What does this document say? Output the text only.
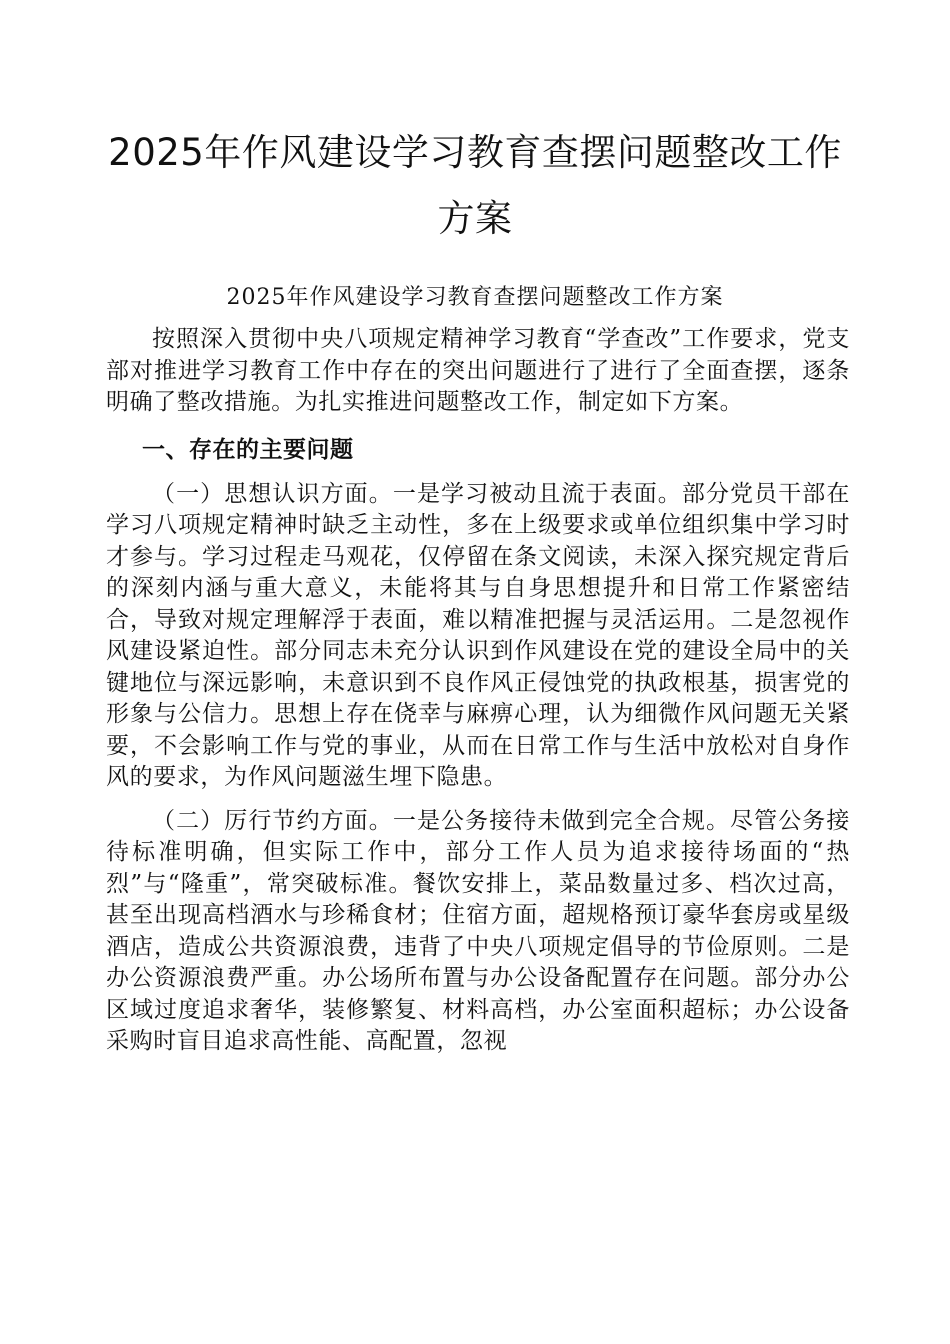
2025年作风建设学习教育查摆问题整改工作方案

2025年作风建设学习教育查摆问题整改工作方案

按照深入贯彻中央八项规定精神学习教育“学查改”工作要求，党支部对推进学习教育工作中存在的突出问题进行了进行了全面查摆，逐条明确了整改措施。为扎实推进问题整改工作，制定如下方案。

一、存在的主要问题

（一）思想认识方面。一是学习被动且流于表面。部分党员干部在学习八项规定精神时缺乏主动性，多在上级要求或单位组织集中学习时才参与。学习过程走马观花，仅停留在条文阅读，未深入探究规定背后的深刻内涵与重大意义，未能将其与自身思想提升和日常工作紧密结合，导致对规定理解浮于表面，难以精准把握与灵活运用。二是忽视作风建设紧迫性。部分同志未充分认识到作风建设在党的建设全局中的关键地位与深远影响，未意识到不良作风正侵蚀党的执政根基，损害党的形象与公信力。思想上存在侥幸与麻痹心理，认为细微作风问题无关紧要，不会影响工作与党的事业，从而在日常工作与生活中放松对自身作风的要求，为作风问题滋生埋下隐患。

（二）厉行节约方面。一是公务接待未做到完全合规。尽管公务接待标准明确，但实际工作中，部分工作人员为追求接待场面的“热烈”与“隆重”，常突破标准。餐饮安排上，菜品数量过多、档次过高，甚至出现高档酒水与珍稀食材；住宿方面，超规格预订豪华套房或星级酒店，造成公共资源浪费，违背了中央八项规定倡导的节俭原则。二是办公资源浪费严重。办公场所布置与办公设备配置存在问题。部分办公区域过度追求奢华，装修繁复、材料高档，办公室面积超标；办公设备采购时盲目追求高性能、高配置，忽视
